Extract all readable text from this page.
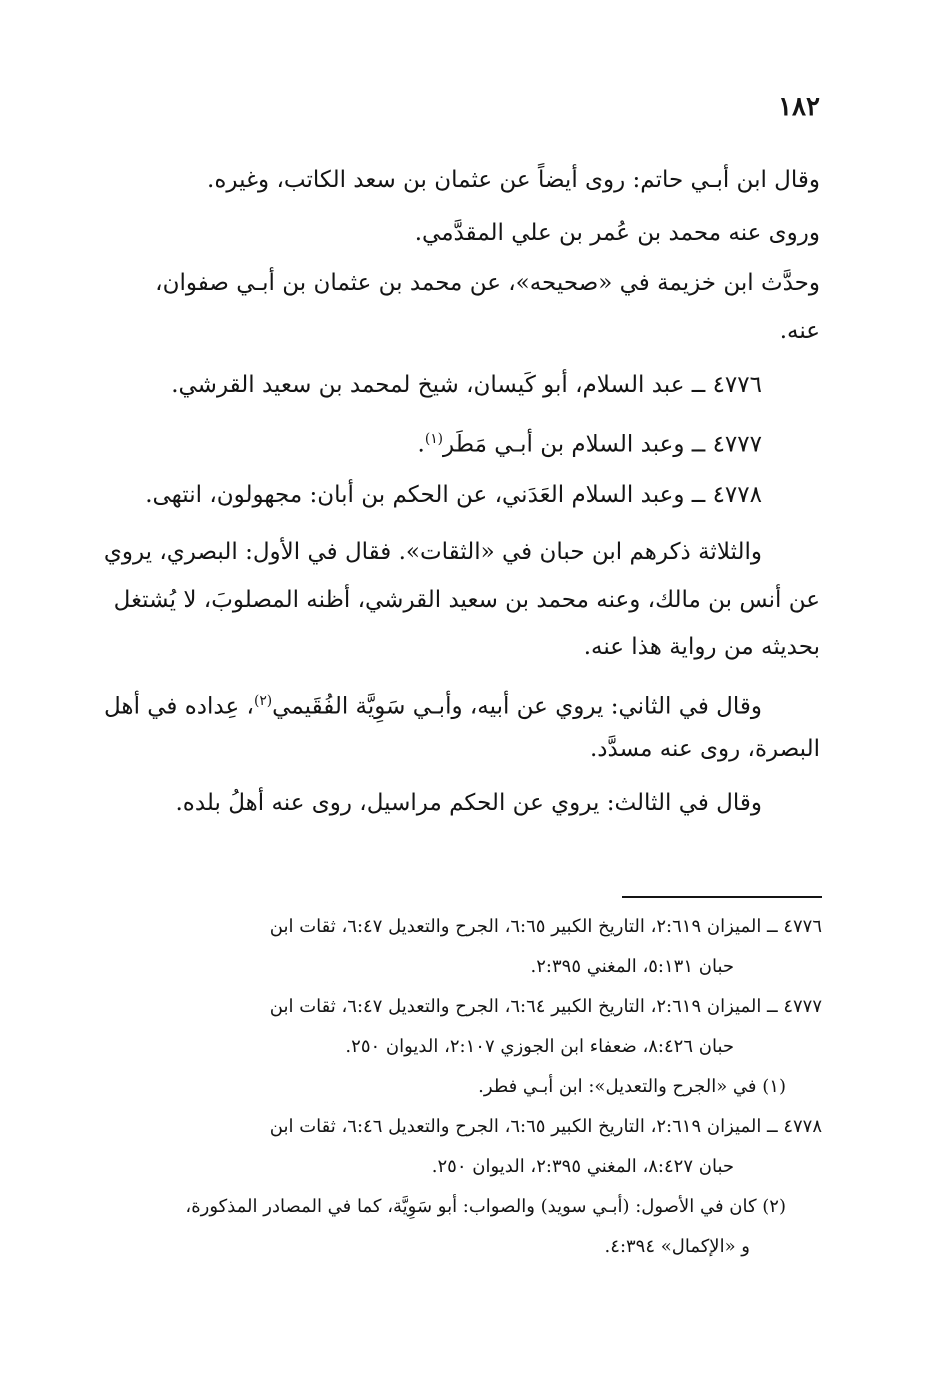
١٨٢
وقال ابن أبـي حاتم: روى أيضاً عن عثمان بن سعد الكاتب، وغيره.
وروى عنه محمد بن عُمر بن علي المقدَّمي.
وحدَّث ابن خزيمة في «صحيحه»، عن محمد بن عثمان بن أبـي صفوان،
عنه.
٤٧٧٦ ــ عبد السلام، أبو كَيسان، شيخ لمحمد بن سعيد القرشي.
٤٧٧٧ ــ وعبد السلام بن أبـي مَطَر$^{(١)}$.
٤٧٧٨ ــ وعبد السلام العَدَني، عن الحكم بن أبان: مجهولون، انتهى.
والثلاثة ذكرهم ابن حبان في «الثقات». فقال في الأول: البصري، يروي
عن أنس بن مالك، وعنه محمد بن سعيد القرشي، أظنه المصلوبَ، لا يُشتغل
بحديثه من رواية هذا عنه.
وقال في الثاني: يروي عن أبيه، وأبـي سَوِيَّة الفُقَيمي$^{(٢)}$، عِداده في أهل
البصرة، روى عنه مسدَّد.
وقال في الثالث: يروي عن الحكم مراسيل، روى عنه أهلُ بلده.
٤٧٧٦ ــ الميزان ٢:٦١٩، التاريخ الكبير ٦:٦٥، الجرح والتعديل ٦:٤٧، ثقات ابن
حبان ٥:١٣١، المغني ٢:٣٩٥.
٤٧٧٧ ــ الميزان ٢:٦١٩، التاريخ الكبير ٦:٦٤، الجرح والتعديل ٦:٤٧، ثقات ابن
حبان ٨:٤٢٦، ضعفاء ابن الجوزي ٢:١٠٧، الديوان ٢٥٠.
(١) في «الجرح والتعديل»: ابن أبـي فطر.
٤٧٧٨ ــ الميزان ٢:٦١٩، التاريخ الكبير ٦:٦٥، الجرح والتعديل ٦:٤٦، ثقات ابن
حبان ٨:٤٢٧، المغني ٢:٣٩٥، الديوان ٢٥٠.
(٢) كان في الأصول: (أبـي سويد) والصواب: أبو سَوِيَّة، كما في المصادر المذكورة،
و «الإكمال» ٤:٣٩٤.
